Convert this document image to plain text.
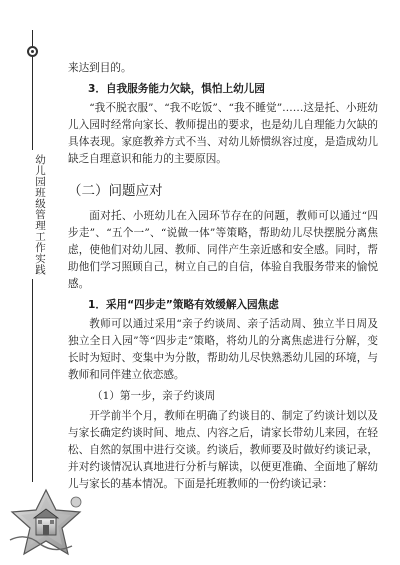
幼儿园班级管理工作实践

来达到目的。

3．自我服务能力欠缺，惧怕上幼儿园

“我不脱衣服”、“我不吃饭”、“我不睡觉”……这是托、小班幼儿入园时经常向家长、教师提出的要求，也是幼儿自理能力欠缺的具体表现。家庭教养方式不当、对幼儿娇惯纵容过度，是造成幼儿缺乏自理意识和能力的主要原因。

（二）问题应对

面对托、小班幼儿在入园环节存在的问题，教师可以通过“四步走”、“五个一”、“说做一体”等策略，帮助幼儿尽快摆脱分离焦虑，使他们对幼儿园、教师、同伴产生亲近感和安全感。同时，帮助他们学习照顾自己，树立自己的自信，体验自我服务带来的愉悦感。

1．采用“四步走”策略有效缓解入园焦虑

教师可以通过采用“亲子约谈周、亲子活动周、独立半日周及独立全日入园”等“四步走”策略，将幼儿的分离焦虑进行分解，变长时为短时、变集中为分散，帮助幼儿尽快熟悉幼儿园的环境，与教师和同伴建立依恋感。

（1）第一步，亲子约谈周

开学前半个月，教师在明确了约谈目的、制定了约谈计划以及与家长确定约谈时间、地点、内容之后，请家长带幼儿来园，在轻松、自然的氛围中进行交谈。约谈后，教师要及时做好约谈记录，并对约谈情况认真地进行分析与解读，以便更准确、全面地了解幼儿与家长的基本情况。下面是托班教师的一份约谈记录：
